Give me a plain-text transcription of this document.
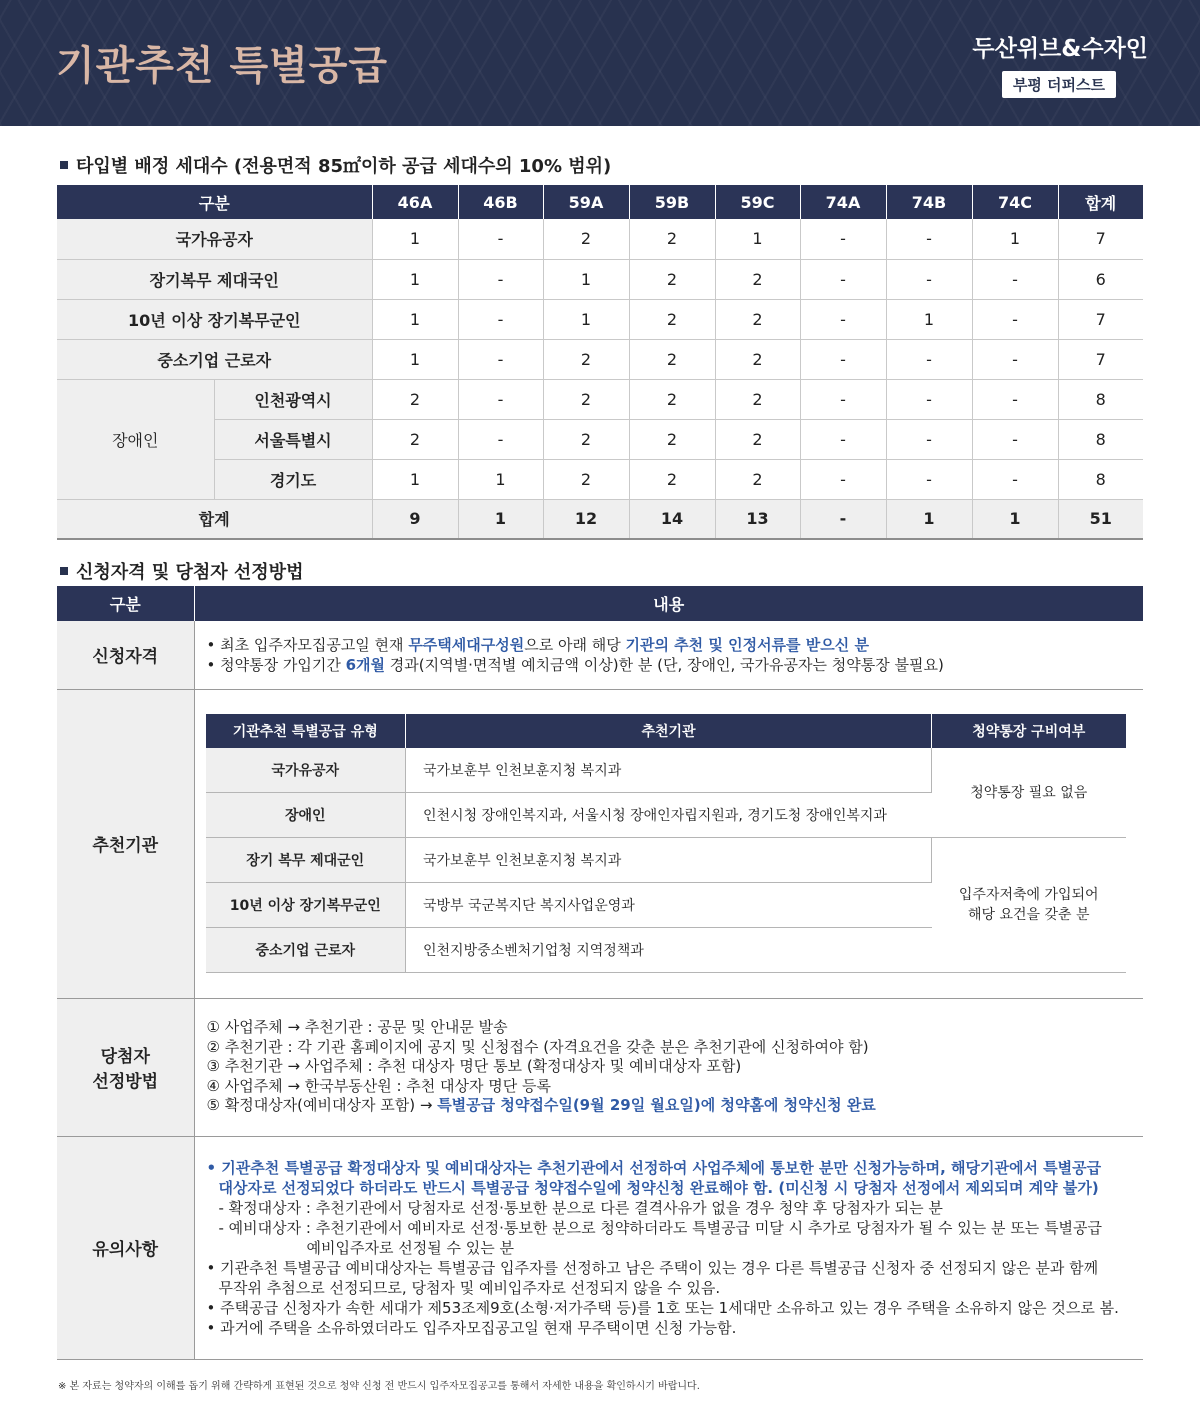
기관추천 특별공급	두산위브&수자인
부평 더퍼스트
타입별 배정 세대수 (전용면적 85㎡이하 공급 세대수의 10% 범위)
구분		46A	46B	59A	59B	59C	74A	74B	74C	합계
국가유공자		1	-	2	2	1	-	-	1	7
장기복무 제대국인		1	-	1	2	2	-	-	-	6
10년 이상 장기복무군인		1	-	1	2	2	-	1	-	7
중소기업 근로자		1	-	2	2	2	-	-	-	7
장애인	인천광역시	2	-	2	2	2	-	-	-	8
	서울특별시	2	-	2	2	2	-	-	-	8
	경기도	1	1	2	2	2	-	-	-	8
합계		9	1	12	14	13	-	1	1	51
신청자격 및 당첨자 선정방법
구분	내용
신청자격	
• 최초 입주자모집공고일 현재 무주택세대구성원으로 아래 해당 기관의 추천 및 인정서류를 받으신 분
• 청약통장 가입기간 6개월 경과(지역별·면적별 예치금액 이상)한 분 (단, 장애인, 국가유공자는 청약통장 불필요)

추천기관	
기관추천 특별공급 유형	추천기관	청약통장 구비여부
국가유공자	국가보훈부 인천보훈지청 복지과	청약통장 필요 없음
장애인	인천시청 장애인복지과, 서울시청 장애인자립지원과, 경기도청 장애인복지과
장기 복무 제대군인	국가보훈부 인천보훈지청 복지과	
입주자저축에 가입되어
해당 요건을 갖춘 분

10년 이상 장기복무군인	국방부 국군복지단 복지사업운영과
중소기업 근로자	인천지방중소벤처기업청 지역정책과

당첨자
선정방법

① 사업주체 → 추천기관 : 공문 및 안내문 발송
② 추천기관 : 각 기관 홈페이지에 공지 및 신청접수 (자격요건을 갖춘 분은 추천기관에 신청하여야 함)
③ 추천기관 → 사업주체 : 추천 대상자 명단 통보 (확정대상자 및 예비대상자 포함)
④ 사업주체 → 한국부동산원 : 추천 대상자 명단 등록
⑤ 확정대상자(예비대상자 포함) → 특별공급 청약접수일(9월 29일 월요일)에 청약홈에 청약신청 완료

유의사항	
• 기관추천 특별공급 확정대상자 및 예비대상자는 추천기관에서 선정하여 사업주체에 통보한 분만 신청가능하며, 해당기관에서 특별공급
대상자로 선정되었다 하더라도 반드시 특별공급 청약접수일에 청약신청 완료해야 함. (미신청 시 당첨자 선정에서 제외되며 계약 불가)
- 확정대상자 : 추천기관에서 당첨자로 선정·통보한 분으로 다른 결격사유가 없을 경우 청약 후 당첨자가 되는 분
- 예비대상자 : 추천기관에서 예비자로 선정·통보한 분으로 청약하더라도 특별공급 미달 시 추가로 당첨자가 될 수 있는 분 또는 특별공급
예비입주자로 선정될 수 있는 분
• 기관추천 특별공급 예비대상자는 특별공급 입주자를 선정하고 남은 주택이 있는 경우 다른 특별공급 신청자 중 선정되지 않은 분과 함께
무작위 추첨으로 선정되므로, 당첨자 및 예비입주자로 선정되지 않을 수 있음.
• 주택공급 신청자가 속한 세대가 제53조제9호(소형·저가주택 등)를 1호 또는 1세대만 소유하고 있는 경우 주택을 소유하지 않은 것으로 봄.
• 과거에 주택을 소유하였더라도 입주자모집공고일 현재 무주택이면 신청 가능함.
※ 본 자료는 청약자의 이해를 돕기 위해 간략하게 표현된 것으로 청약 신청 전 반드시 입주자모집공고를 통해서 자세한 내용을 확인하시기 바랍니다.
